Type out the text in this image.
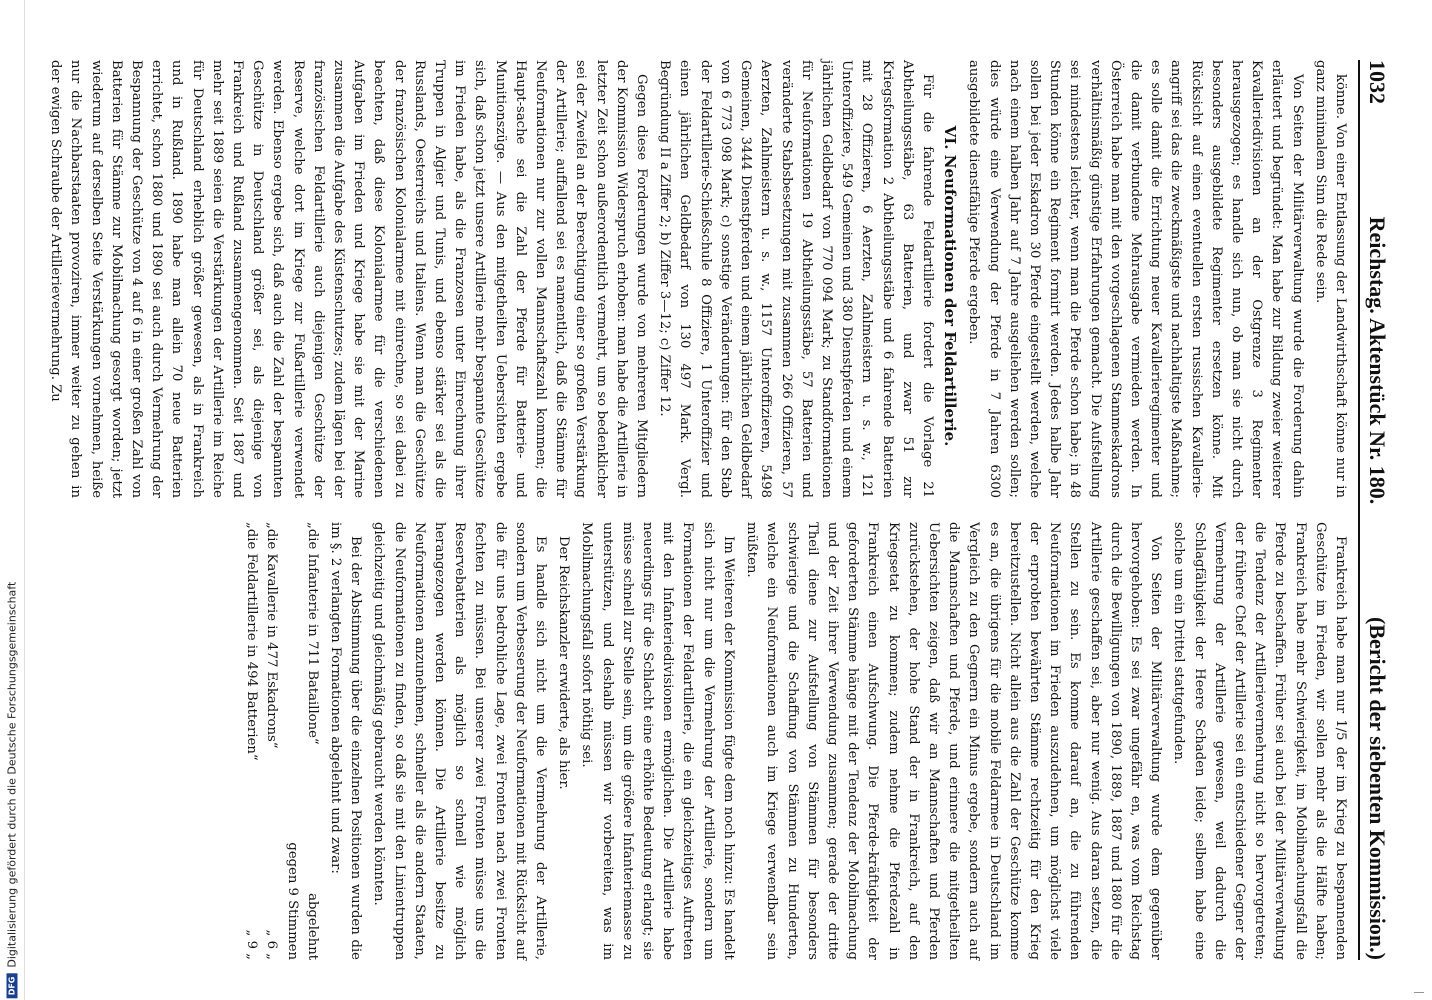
DFG
Digitalisierung gefördert durch die Deutsche Forschungsgemeinschaft
1032
Reichstag. Aktenstück Nr. 180.
(Bericht der siebenten Kommission.)

könne. Von einer Entlassung der Landwirthschaft könne nur in ganz minimalem Sinn die Rede sein.

Von Seiten der Militärverwaltung wurde die Forderung dahin erläutert und begründet: Man habe zur Bildung zweier weiterer Kavalleriedivisionen an der Ostgrenze 3 Regimenter herausgezogen; es handle sich nun, ob man sie nicht durch besonders ausgebildete Regimenter ersetzen könne. Mit Rücksicht auf einen eventuellen ersten russischen Kavallerie-angriff sei das die zweckmäßigste und nachhaltigste Maßnahme; es solle damit die Errichtung neuer Kavallerieregimenter und die damit verbundene Mehrausgabe vermieden werden. In Österreich habe man mit den vorgeschlagenen Stammeskadrons verhältnismäßig günstige Erfahrungen gemacht. Die Aufstellung sei mindestens leichter, wenn man die Pferde schon habe; in 48 Stunden könne ein Regiment formirt werden. Jedes halbe Jahr sollen bei jeder Eskadron 30 Pferde eingestellt werden, welche nach einem halben Jahr auf 7 Jahre ausgeliehen werden sollen; dies würde eine Verwendung der Pferde in 7 Jahren 6300 ausgebildete dienstfähige Pferde ergeben.

VI. Neuformationen der Feldartillerie.

Für die fahrende Feldartillerie fordert die Vorlage 21 Abtheilungsstäbe, 63 Batterien, und zwar 51 zur Kriegsformation 2 Abtheilungsstäbe und 6 fahrende Batterien mit 28 Offizieren, 6 Aerzten, Zahlmeistern u. s. w., 121 Unteroffiziere, 549 Gemeinen und 380 Dienstpferden und einem jährlichen Geldbedarf von 770 094 Mark; zu Standformationen für Neuformationen 19 Abtheilungsstäbe, 57 Batterien und veränderte Stabsbesetzungen mit zusammen 266 Offizieren, 57 Aerzten, Zahlmeistern u. s. w., 1157 Unteroffizieren, 5498 Gemeinen, 3444 Dienstpferden und einem jährlichen Geldbedarf von 6 773 098 Mark; c) sonstige Veränderungen: für den Stab der Feldartillerie-Schießschule 8 Offiziere, 1 Unteroffizier und einen jährlichen Geldbedarf von 130 497 Mark. Vergl. Begründung II a Ziffer 2; b) Ziffer 3—12; c) Ziffer 12.

Gegen diese Forderungen wurde von mehreren Mitgliedern der Kommission Widerspruch erhoben: man habe die Artillerie in letzter Zeit schon außerordentlich vermehrt, um so bedenklicher sei der Zweifel an der Berechtigung einer so großen Verstärkung der Artillerie; auffallend sei es namentlich, daß die Stämme für Neuformationen nur zur vollen Mannschaftszahl kommen; die Haupt-sache sei die Zahl der Pferde für Batterie- und Munitionszüge. — Aus den mitgetheilten Uebersichten ergebe sich, daß schon jetzt unsere Artillerie mehr bespannte Geschütze im Frieden habe, als die Franzosen unter Einrechnung ihrer Truppen in Algier und Tunis, und ebenso stärker sei als die Russlands, Oesterreichs und Italiens. Wenn man die Geschütze der französischen Kolonialarmee mit einrechne, so sei dabei zu beachten, daß diese Kolonialarmee für die verschiedenen Aufgaben im Frieden und Kriege habe sie mit der Marine zusammen die Aufgabe des Küstenschutzes; zudem lägen bei der französischen Feldartillerie auch diejenigen Geschütze der Reserve, welche dort im Kriege zur Fußartillerie verwendet werden. Ebenso ergebe sich, daß auch die Zahl der bespannten Geschütze in Deutschland größer sei, als diejenige von Frankreich und Rußland zusammengenommen. Seit 1887 und mehr seit 1889 seien die Verstärkungen der Artillerie im Reiche für Deutschland erheblich größer gewesen, als in Frankreich und in Rußland. 1890 habe man allein 70 neue Batterien errichtet, schon 1880 und 1890 sei auch durch Vermehrung der Bespannung der Geschütze von 4 auf 6 in einer großen Zahl von Batterien für Stämme zur Mobilmachung gesorgt worden; jetzt wiederum auf derselben Seite Verstärkungen vornehmen, heiße nur die Nachbarstaaten provoziren, immer weiter zu gehen in der ewigen Schraube der Artillerievermehrung. Zu

Frankreich habe man nur 1/5 der im Krieg zu bespannenden Geschütze im Frieden, wir sollen mehr als die Hälfte haben; Frankreich habe mehr Schwierigkeit, im Mobilmachungsfall die Pferde zu beschaffen. Früher sei auch bei der Militärverwaltung die Tendenz der Artillerievermehrung nicht so hervorgetreten; der frühere Chef der Artillerie sei ein entschiedener Gegner der Vermehrung der Artillerie gewesen, weil dadurch die Schlagfähigkeit der Heere Schaden leide; selbem habe eine solche um ein Drittel stattgefunden.

Von Seiten der Militärverwaltung wurde dem gegenüber hervorgehoben: Es sei zwar ungefähr en, was vom Reichstag durch die Bewilligungen von 1890, 1889, 1887 und 1880 für die Artillerie geschaffen sei, aber nur wenig. Aus daran setzen, die Stellen zu sein. Es komme darauf an, die zu führenden Neuformationen im Frieden auszudehnen, um möglichst viele der erprobten bewährten Stämme rechtzeitig für den Krieg bereitzustellen. Nicht allein aus die Zahl der Geschütze komme es an, die übrigens für die mobile Feldarmee in Deutschland im Vergleich zu den Gegnern ein Minus ergebe, sondern auch auf die Mannschaften und Pferde, und erinnere die mitgetheilten Uebersichten zeigen, daß wir an Mannschaften und Pferden zurückstehen, der hohe Stand der in Frankreich, auf den Kriegsetat zu kommen; zudem nehme die Pferdezahl in Frankreich einen Aufschwung. Die Pferde-kräftigkeit der geforderten Stämme hänge mit der Tendenz der Mobilmachung und der Zeit ihrer Verwendung zusammen; gerade der dritte Theil diene zur Aufstellung von Stämmen für besonders schwierige und die Schaffung von Stämmen zu Hunderten, welche ein Neuformationen auch im Kriege verwendbar sein müßten.

Im Weiteren der Kommission fügte dem noch hinzu: Es handelt sich nicht nur um die Vermehrung der Artillerie, sondern um Formationen der Feldartillerie, die ein gleichzeitiges Auftreten mit den Infanteriedivisionen ermöglichen. Die Artillerie habe neuerdings für die Schlacht eine erhöhte Bedeutung erlangt; sie müsse schnell zur Stelle sein, um die größere Infanteriemasse zu unterstützen, und deshalb müssen wir vorbereiten, was im Mobilmachungsfall sofort nöthig sei.

Der Reichskanzler erwiderte, als hier.

Es handle sich nicht um die Vermehrung der Artillerie, sondern um Verbesserung der Neuformationen mit Rücksicht auf die für uns bedrohliche Lage, zwei Fronten nach zwei Fronten fechten zu müssen. Bei unserer zwei Fronten müsse uns die Reservebatterien als möglich so schnell wie möglich herangezogen werden können. Die Artillerie besitze zu Neuformationen anzunehmen, schneller als die andern Staaten, die Neuformationen zu finden, so daß sie mit den Linientruppen gleichzeitig und gleichmäßig gebraucht werden könnten.

Bei der Abstimmung über die einzelnen Positionen wurden die im §. 2 verlangten Formationen abgelehnt und zwar:

„die Infanterie in 711 Bataillone“
abgelehnt
gegen 9 Stimmen
„die Kavallerie in 477 Eskadrons“
„ 6 „
„die Feldartillerie in 494 Batterien“
„ 9 „
—
